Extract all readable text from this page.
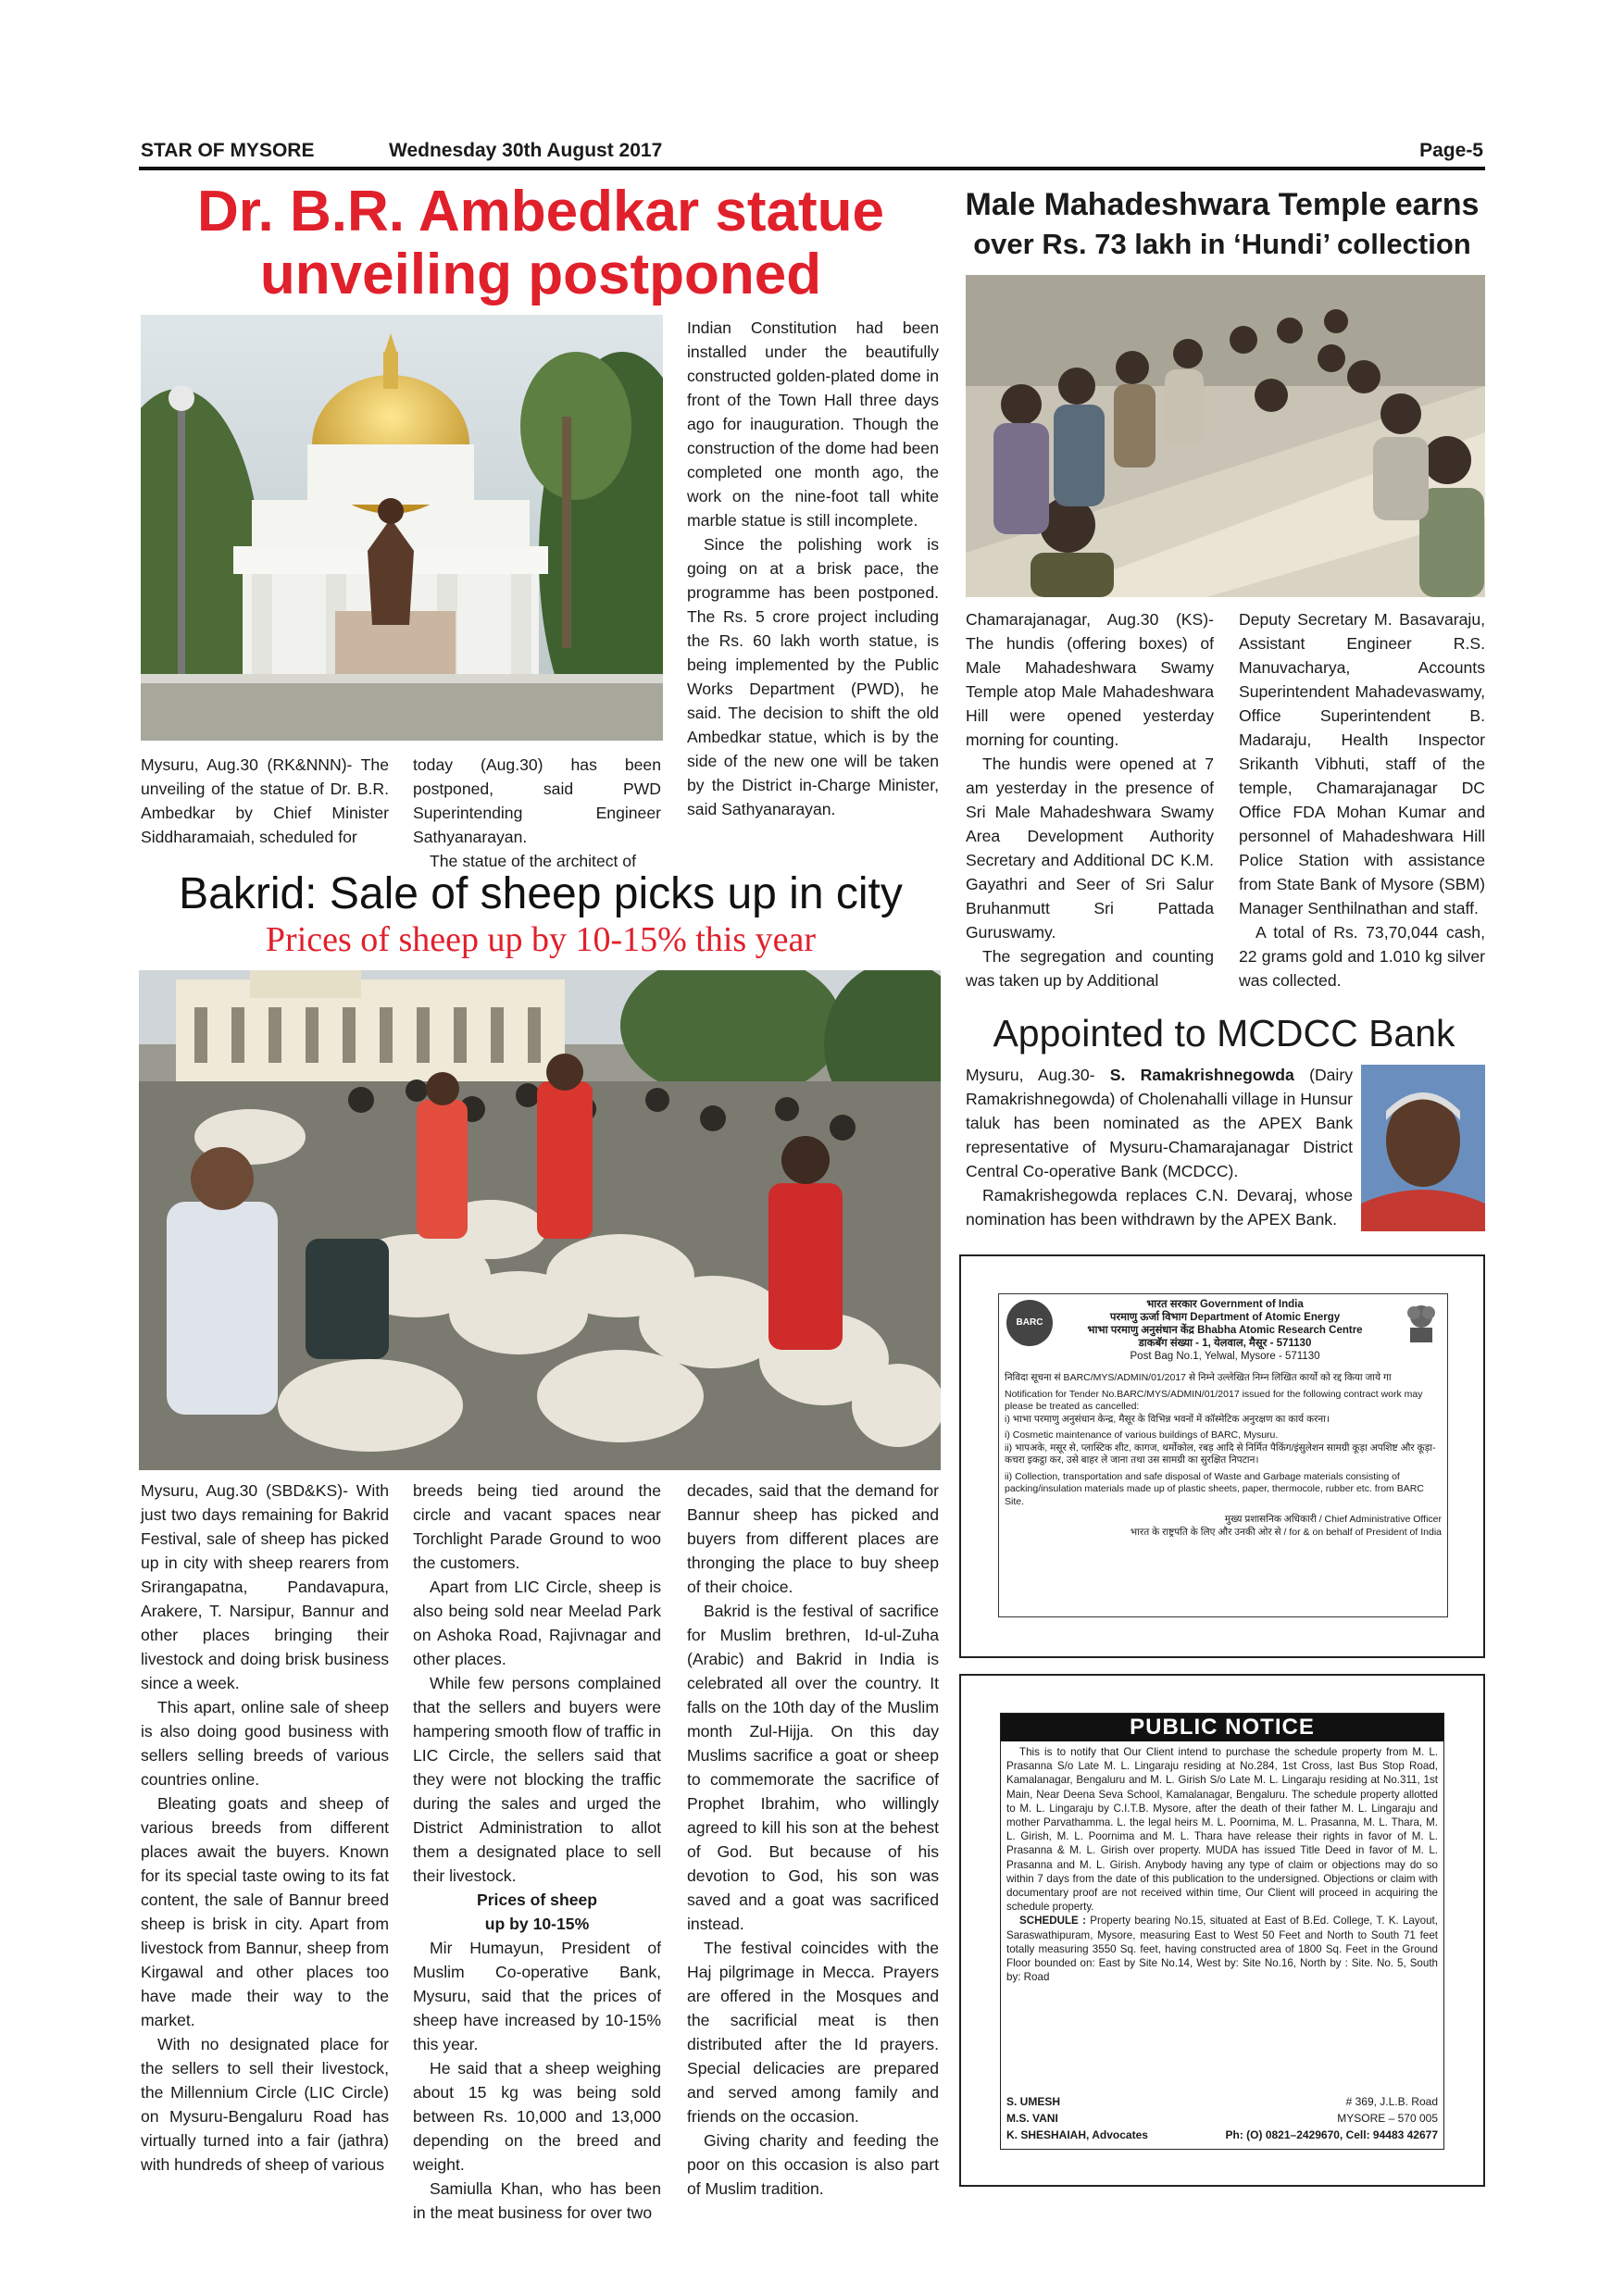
STAR OF MYSORE	Wednesday 30th August 2017	Page-5
Dr. B.R. Ambedkar statue
unveiling postponed

Mysuru, Aug.30 (RK&NNN)- The unveiling of the statue of Dr. B.R. Ambedkar by Chief Minister Siddharamaiah, scheduled for

today (Aug.30) has been postponed, said PWD Superintending Engineer Sathyanarayan.

The statue of the architect of

Indian Constitution had been installed under the beautifully constructed golden-plated dome in front of the Town Hall three days ago for inauguration. Though the construction of the dome had been completed one month ago, the work on the nine-foot tall white marble statue is still incomplete.

Since the polishing work is going on at a brisk pace, the programme has been postponed. The Rs. 5 crore project including the Rs. 60 lakh worth statue, is being implemented by the Public Works Department (PWD), he said. The decision to shift the old Ambedkar statue, which is by the side of the new one will be taken by the District in-Charge Minister, said Sathyanarayan.

Male Mahadeshwara Temple earns
over Rs. 73 lakh in ‘Hundi’ collection

Chamarajanagar, Aug.30 (KS)- The hundis (offering boxes) of Male Mahadeshwara Swamy Temple atop Male Mahadeshwara Hill were opened yesterday morning for counting.

The hundis were opened at 7 am yesterday in the presence of Sri Male Mahadeshwara Swamy Area Development Authority Secretary and Additional DC K.M. Gayathri and Seer of Sri Salur Bruhanmutt Sri Pattada Guruswamy.

The segregation and counting was taken up by Additional

Deputy Secretary M. Basavaraju, Assistant Engineer R.S. Manuvacharya, Accounts Superintendent Mahadevaswamy, Office Superintendent B. Madaraju, Health Inspector Srikanth Vibhuti, staff of the temple, Chamarajanagar DC Office FDA Mohan Kumar and personnel of Mahadeshwara Hill Police Station with assistance from State Bank of Mysore (SBM) Manager Senthilnathan and staff.

A total of Rs. 73,70,044 cash, 22 grams gold and 1.010 kg silver was collected.

Bakrid: Sale of sheep picks up in city
Prices of sheep up by 10-15% this year

Mysuru, Aug.30 (SBD&KS)- With just two days remaining for Bakrid Festival, sale of sheep has picked up in city with sheep rearers from Srirangapatna, Pandavapura, Arakere, T. Narsipur, Bannur and other places bringing their livestock and doing brisk business since a week.

This apart, online sale of sheep is also doing good business with sellers selling breeds of various countries online.

Bleating goats and sheep of various breeds from different places await the buyers. Known for its special taste owing to its fat content, the sale of Bannur breed sheep is brisk in city. Apart from livestock from Bannur, sheep from Kirgawal and other places too have made their way to the market.

With no designated place for the sellers to sell their livestock, the Millennium Circle (LIC Circle) on Mysuru-Bengaluru Road has virtually turned into a fair (jathra) with hundreds of sheep of various

breeds being tied around the circle and vacant spaces near Torchlight Parade Ground to woo the customers.

Apart from LIC Circle, sheep is also being sold near Meelad Park on Ashoka Road, Rajivnagar and other places.

While few persons complained that the sellers and buyers were hampering smooth flow of traffic in LIC Circle, the sellers said that they were not blocking the traffic during the sales and urged the District Administration to allot them a designated place to sell their livestock.

Prices of sheep

up by 10-15%

Mir Humayun, President of Muslim Co-operative Bank, Mysuru, said that the prices of sheep have increased by 10-15% this year.

He said that a sheep weighing about 15 kg was being sold between Rs. 10,000 and 13,000 depending on the breed and weight.

Samiulla Khan, who has been in the meat business for over two

decades, said that the demand for Bannur sheep has picked and buyers from different places are thronging the place to buy sheep of their choice.

Bakrid is the festival of sacrifice for Muslim brethren, Id-ul-Zuha (Arabic) and Bakrid in India is celebrated all over the country. It falls on the 10th day of the Muslim month Zul-Hijja. On this day Muslims sacrifice a goat or sheep to commemorate the sacrifice of Prophet Ibrahim, who willingly agreed to kill his son at the behest of God. But because of his devotion to God, his son was saved and a goat was sacrificed instead.

The festival coincides with the Haj pilgrimage in Mecca. Prayers are offered in the Mosques and the sacrificial meat is then distributed after the Id prayers. Special delicacies are prepared and served among family and friends on the occasion.

Giving charity and feeding the poor on this occasion is also part of Muslim tradition.

Appointed to MCDCC Bank

Mysuru, Aug.30- S. Ramakrishnegowda (Dairy Ramakrishnegowda) of Cholenahalli village in Hunsur taluk has been nominated as the APEX Bank representative of Mysuru-Chamarajanagar District Central Co-operative Bank (MCDCC).

Ramakrishegowda replaces C.N. Devaraj, whose nomination has been withdrawn by the APEX Bank.

BARC
भारत सरकार Government of India
परमाणु ऊर्जा विभाग Department of Atomic Energy
भाभा परमाणु अनुसंधान केंद्र Bhabha Atomic Research Centre
डाकबॅग संख्या - 1, येलवाल, मैसूर - 571130
Post Bag No.1, Yelwal, Mysore - 571130
निविदा सूचना सं BARC/MYS/ADMIN/01/2017 से निम्ने उल्लेखित निम्न लिखित कार्यो को रद्द किया जाये गा
Notification for Tender No.BARC/MYS/ADMIN/01/2017 issued for the following contract work may please be treated as cancelled:
i) भाभा परमाणु अनुसंधान केन्द्र, मैसूर के विभिन्न भवनों में कॉस्मेटिक अनुरक्षण का कार्य करना।
i) Cosmetic maintenance of various buildings of BARC, Mysuru.
ii) भापअके, मसूर से, प्लास्टिक शीट, कागज, थर्मोकोल, रबड़ आदि से निर्मित पैकिंग/इंसुलेशन सामग्री कूड़ा अपशिष्ट और कूड़ा-कचरा इकट्ठा कर, उसे बाहर ले जाना तथा उस सामग्री का सुरक्षित निपटान।
ii) Collection, transportation and safe disposal of Waste and Garbage materials consisting of packing/insulation materials made up of plastic sheets, paper, thermocole, rubber etc. from BARC Site.
मुख्य प्रशासनिक अधिकारी / Chief Administrative Officer
भारत के राष्ट्रपति के लिए और उनकी ओर से / for & on behalf of President of India
PUBLIC NOTICE
This is to notify that Our Client intend to purchase the schedule property from M. L. Prasanna S/o Late M. L. Lingaraju residing at No.284, 1st Cross, last Bus Stop Road, Kamalanagar, Bengaluru and M. L. Girish S/o Late M. L. Lingaraju residing at No.311, 1st Main, Near Deena Seva School, Kamalanagar, Bengaluru. The schedule property allotted to M. L. Lingaraju by C.I.T.B. Mysore, after the death of their father M. L. Lingaraju and mother Parvathamma. L. the legal heirs M. L. Poornima, M. L. Prasanna, M. L. Thara, M. L. Girish, M. L. Poornima and M. L. Thara have release their rights in favor of M. L. Prasanna & M. L. Girish over property. MUDA has issued Title Deed in favor of M. L. Prasanna and M. L. Girish. Anybody having any type of claim or objections may do so within 7 days from the date of this publication to the undersigned. Objections or claim with documentary proof are not received within time, Our Client will proceed in acquiring the schedule property.
SCHEDULE : Property bearing No.15, situated at East of B.Ed. College, T. K. Layout, Saraswathipuram, Mysore, measuring East to West 50 Feet and North to South 71 feet totally measuring 3550 Sq. feet, having constructed area of 1800 Sq. Feet in the Ground Floor bounded on: East by Site No.14, West by: Site No.16, North by : Site. No. 5, South by: Road
S. UMESH
M.S. VANI
K. SHESHAIAH, Advocates
# 369, J.L.B. Road
MYSORE – 570 005
Ph: (O) 0821–2429670, Cell: 94483 42677
